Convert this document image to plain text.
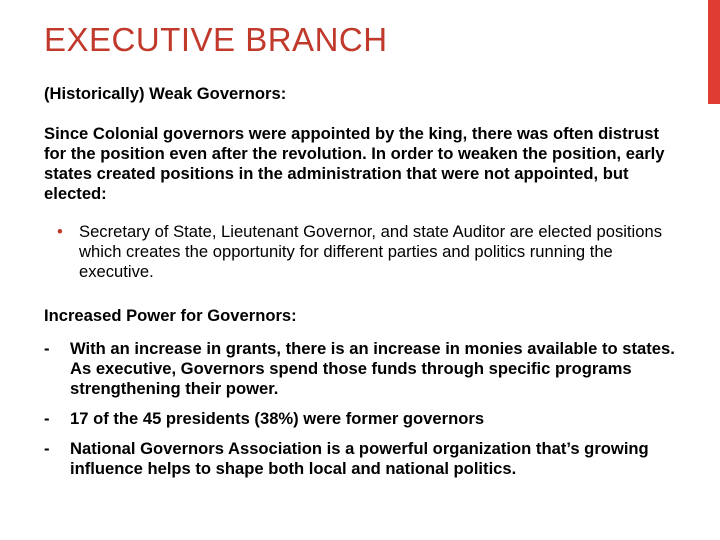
EXECUTIVE BRANCH

(Historically) Weak Governors:

Since Colonial governors were appointed by the king, there was often distrust for the position even after the revolution. In order to weaken the position, early states created positions in the administration that were not appointed, but elected:

• Secretary of State, Lieutenant Governor, and state Auditor are elected positions which creates the opportunity for different parties and politics running the executive.

Increased Power for Governors:

-	With an increase in grants, there is an increase in monies available to states. As executive, Governors spend those funds through specific programs strengthening their power.
-	17 of the 45 presidents (38%) were former governors
-	National Governors Association is a powerful organization that’s growing influence helps to shape both local and national politics.
